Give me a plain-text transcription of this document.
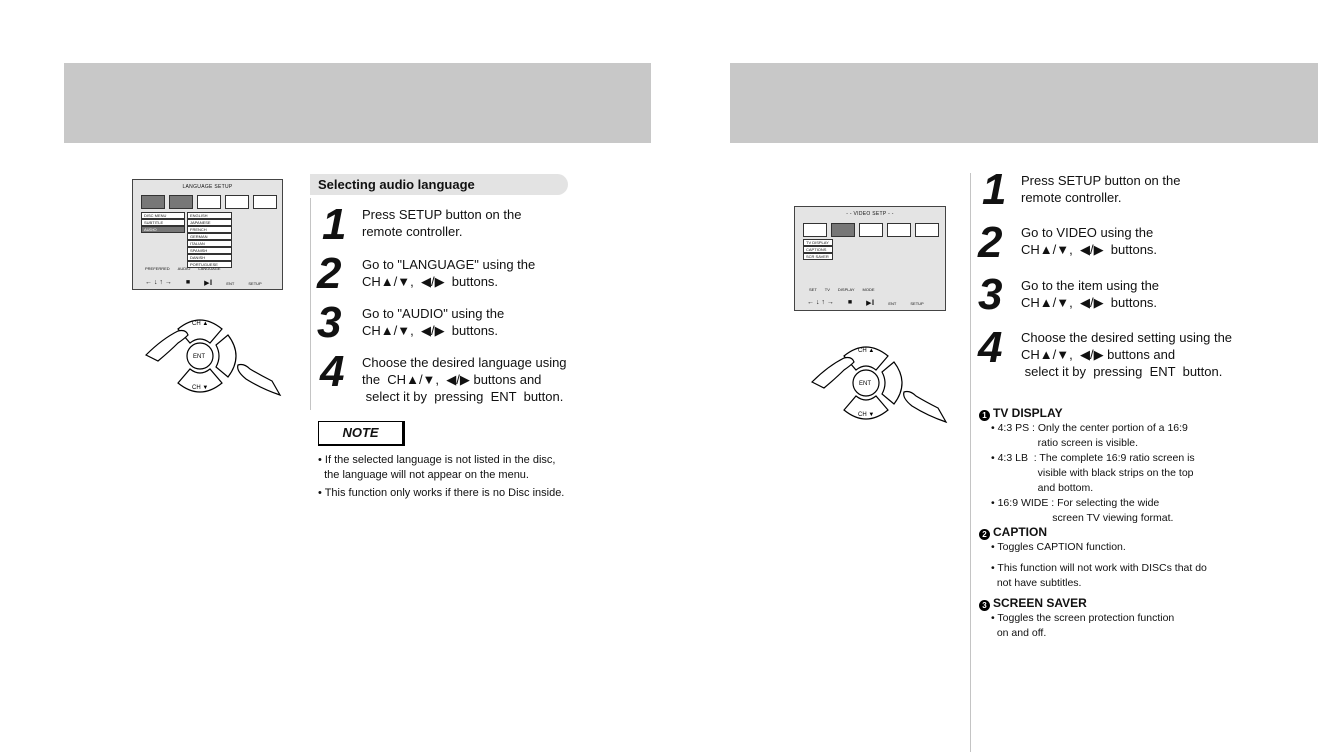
LANGUAGE SETUP
DISC MENU
SUBTITLE
AUDIO
ENGLISH
JAPANESE
FRENCH
GERMAN
ITALIAN
SPANISH
DANISH
PORTUGUESE
PREFERRED AUDIO LANGUAGE
← ↓ ↑ → ■ ▶‖	ENT	SETUP
CH ▲
CH ▼
ENT
Selecting audio language
1 Press SETUP button on the
remote controller.
2 Go to "LANGUAGE" using the
CH▲/▼,  ◀/▶  buttons.
3 Go to "AUDIO" using the
CH▲/▼,  ◀/▶  buttons.
4 Choose the desired language using
the  CH▲/▼,  ◀/▶ buttons and
select it by  pressing  ENT  button.
NOTE
• If the selected language is not listed in the disc,
the language will not appear on the menu.
• This function only works if there is no Disc inside.
- - VIDEO SETP - -
TV DISPLAY
CAPTIONS
SCR SAVER
SET TV DISPLAY MODE
← ↓ ↑ → ■ ▶‖	ENT	SETUP
CH ▲
CH ▼
ENT
1 Press SETUP button on the
remote controller.
2 Go to VIDEO using the
CH▲/▼,  ◀/▶  buttons.
3 Go to the item using the
CH▲/▼,  ◀/▶  buttons.
4 Choose the desired setting using the
CH▲/▼,  ◀/▶ buttons and
select it by  pressing  ENT  button.
1 TV DISPLAY
• 4:3 PS : Only the center portion of a 16:9
ratio screen is visible.
• 4:3 LB  : The complete 16:9 ratio screen is
visible with black strips on the top
and bottom.
• 16:9 WIDE : For selecting the wide
screen TV viewing format.
2 CAPTION
• Toggles CAPTION function.
• This function will not work with DISCs that do
not have subtitles.
3 SCREEN SAVER
• Toggles the screen protection function
on and off.
